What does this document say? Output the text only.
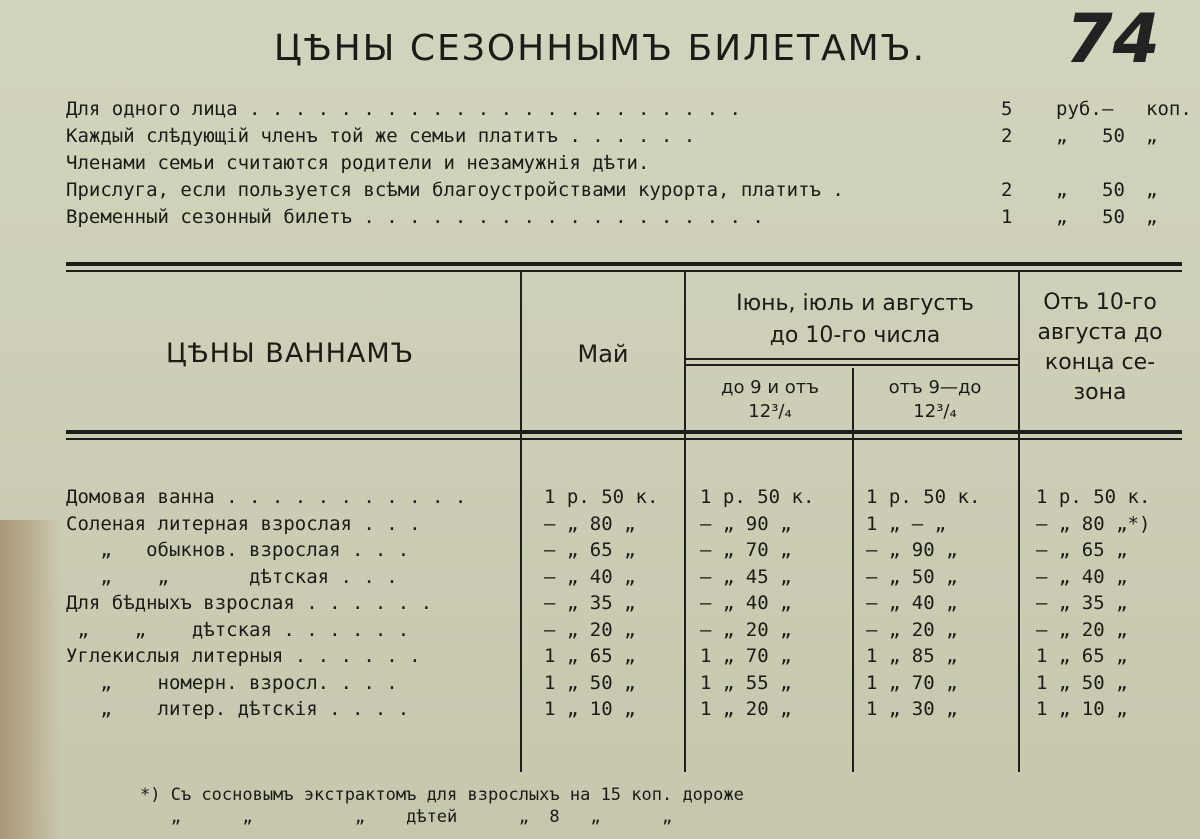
74
ЦѢНЫ СЕЗОННЫМЪ БИЛЕТАМЪ.
Для одного лица . . . . . . . . . . . . . . . . . . . . . .	5 руб. — коп.
Каждый слѣдующій членъ той же семьи платитъ . . . . . .	2 „ 50 „
Членами семьи считаются родители и незамужнія дѣти.
Прислуга, если пользуется всѣми благоустройствами курорта, платитъ .	2 „ 50 „
Временный сезонный билетъ . . . . . . . . . . . . . . . . . .	1 „ 50 „
ЦѢНЫ ВАННАМЪ	Май
Іюнь, іюль и августъ
до 10-го числа
до 9 и отъ
12³/₄
отъ 9—до
12³/₄
Отъ 10-го
августа до
конца се-
зона
Домовая ванна . . . . . . . . . . .	1 р. 50 к. 1 р. 50 к.	1 р. 50 к.	1 р. 50 к.
Соленая литерная взрослая . . .	— „ 80 „	— „ 90 „	1 „ — „	— „ 80 „*)
„   обыкнов. взрослая . . .	— „ 65 „	— „ 70 „	— „ 90 „	— „ 65 „
„    „       дѣтская . . .	— „ 40 „	— „ 45 „	— „ 50 „	— „ 40 „
Для бѣдныхъ взрослая . . . . . .	— „ 35 „	— „ 40 „	— „ 40 „	— „ 35 „
„    „    дѣтская . . . . . .	— „ 20 „	— „ 20 „	— „ 20 „	— „ 20 „
Углекислыя литерныя . . . . . .	1 „ 65 „	1 „ 70 „	1 „ 85 „	1 „ 65 „
„    номерн. взросл. . . .	1 „ 50 „	1 „ 55 „	1 „ 70 „	1 „ 50 „
„    литер. дѣтскія . . . .	1 „ 10 „	1 „ 20 „	1 „ 30 „	1 „ 10 „
*) Съ сосновымъ экстрактомъ для взрослыхъ на 15 коп. дороже
„      „          „    дѣтей      „  8   „      „
